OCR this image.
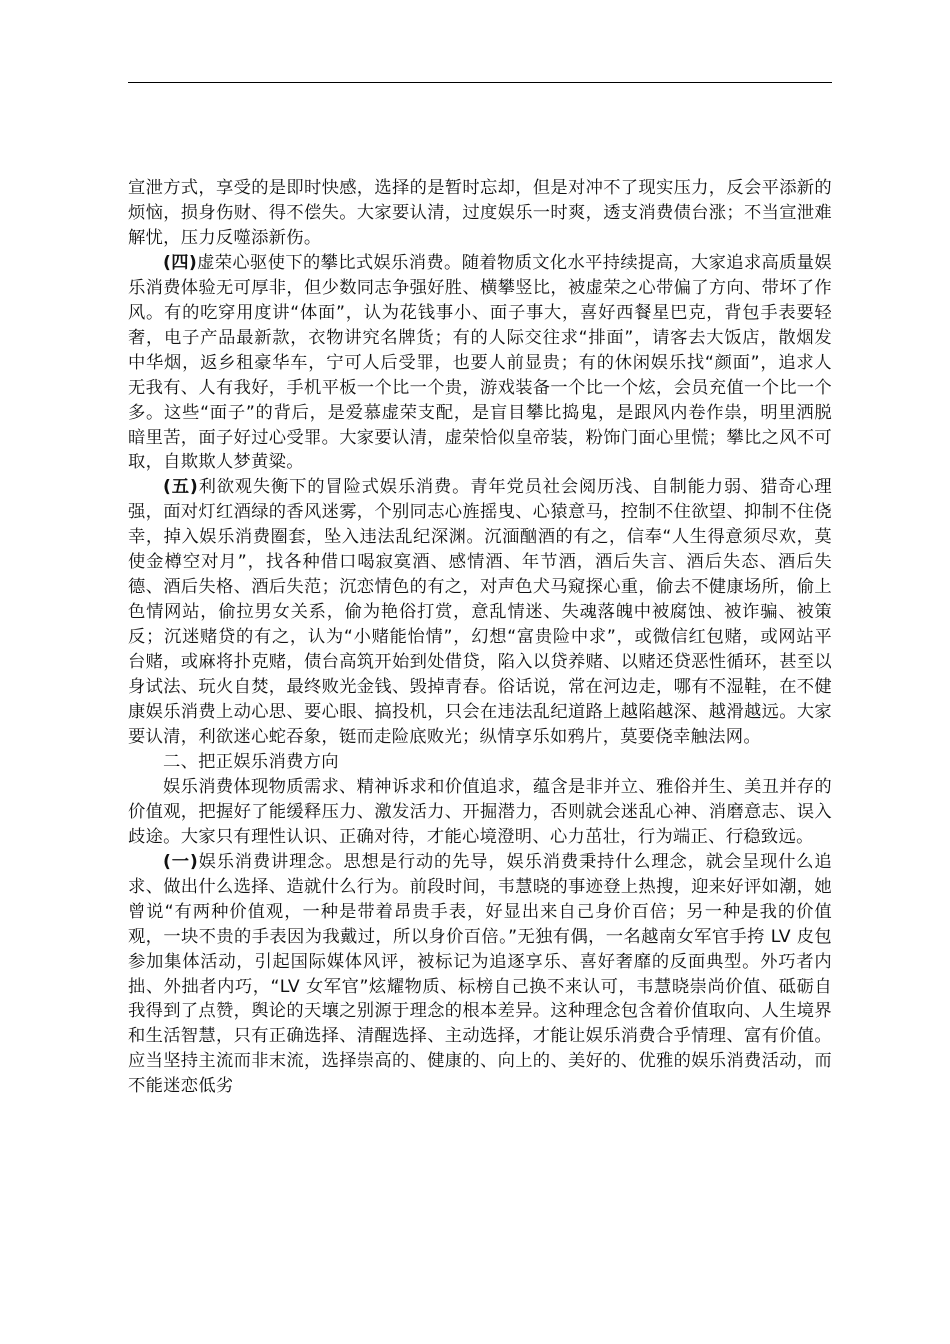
宣泄方式，享受的是即时快感，选择的是暂时忘却，但是对冲不了现实压力，反会平添新的烦恼，损身伤财、得不偿失。大家要认清，过度娱乐一时爽，透支消费债台涨；不当宣泄难解忧，压力反噬添新伤。

(四)虚荣心驱使下的攀比式娱乐消费。随着物质文化水平持续提高，大家追求高质量娱乐消费体验无可厚非，但少数同志争强好胜、横攀竖比，被虚荣之心带偏了方向、带坏了作风。有的吃穿用度讲“体面”，认为花钱事小、面子事大，喜好西餐星巴克，背包手表要轻奢，电子产品最新款，衣物讲究名牌货；有的人际交往求“排面”，请客去大饭店，散烟发中华烟，返乡租豪华车，宁可人后受罪，也要人前显贵；有的休闲娱乐找“颜面”，追求人无我有、人有我好，手机平板一个比一个贵，游戏装备一个比一个炫，会员充值一个比一个多。这些“面子”的背后，是爱慕虚荣支配，是盲目攀比捣鬼，是跟风内卷作祟，明里洒脱暗里苦，面子好过心受罪。大家要认清，虚荣恰似皇帝装，粉饰门面心里慌；攀比之风不可取，自欺欺人梦黄粱。

(五)利欲观失衡下的冒险式娱乐消费。青年党员社会阅历浅、自制能力弱、猎奇心理强，面对灯红酒绿的香风迷雾，个别同志心旌摇曳、心猿意马，控制不住欲望、抑制不住侥幸，掉入娱乐消费圈套，坠入违法乱纪深渊。沉湎酗酒的有之，信奉“人生得意须尽欢，莫使金樽空对月”，找各种借口喝寂寞酒、感情酒、年节酒，酒后失言、酒后失态、酒后失德、酒后失格、酒后失范；沉恋情色的有之，对声色犬马窥探心重，偷去不健康场所，偷上色情网站，偷拉男女关系，偷为艳俗打赏，意乱情迷、失魂落魄中被腐蚀、被诈骗、被策反；沉迷赌贷的有之，认为“小赌能怡情”，幻想“富贵险中求”，或微信红包赌，或网站平台赌，或麻将扑克赌，债台高筑开始到处借贷，陷入以贷养赌、以赌还贷恶性循环，甚至以身试法、玩火自焚，最终败光金钱、毁掉青春。俗话说，常在河边走，哪有不湿鞋，在不健康娱乐消费上动心思、要心眼、搞投机，只会在违法乱纪道路上越陷越深、越滑越远。大家要认清，利欲迷心蛇吞象，铤而走险底败光；纵情享乐如鸦片，莫要侥幸触法网。

二、把正娱乐消费方向

娱乐消费体现物质需求、精神诉求和价值追求，蕴含是非并立、雅俗并生、美丑并存的价值观，把握好了能缓释压力、激发活力、开掘潜力，否则就会迷乱心神、消磨意志、误入歧途。大家只有理性认识、正确对待，才能心境澄明、心力茁壮，行为端正、行稳致远。

(一)娱乐消费讲理念。思想是行动的先导，娱乐消费秉持什么理念，就会呈现什么追求、做出什么选择、造就什么行为。前段时间，韦慧晓的事迹登上热搜，迎来好评如潮，她曾说“有两种价值观，一种是带着昂贵手表，好显出来自己身价百倍；另一种是我的价值观，一块不贵的手表因为我戴过，所以身价百倍。”无独有偶，一名越南女军官手挎 LV 皮包参加集体活动，引起国际媒体风评，被标记为追逐享乐、喜好奢靡的反面典型。外巧者内拙、外拙者内巧，“LV 女军官”炫耀物质、标榜自己换不来认可，韦慧晓崇尚价值、砥砺自我得到了点赞，舆论的天壤之别源于理念的根本差异。这种理念包含着价值取向、人生境界和生活智慧，只有正确选择、清醒选择、主动选择，才能让娱乐消费合乎情理、富有价值。应当坚持主流而非末流，选择崇高的、健康的、向上的、美好的、优雅的娱乐消费活动，而不能迷恋低劣
